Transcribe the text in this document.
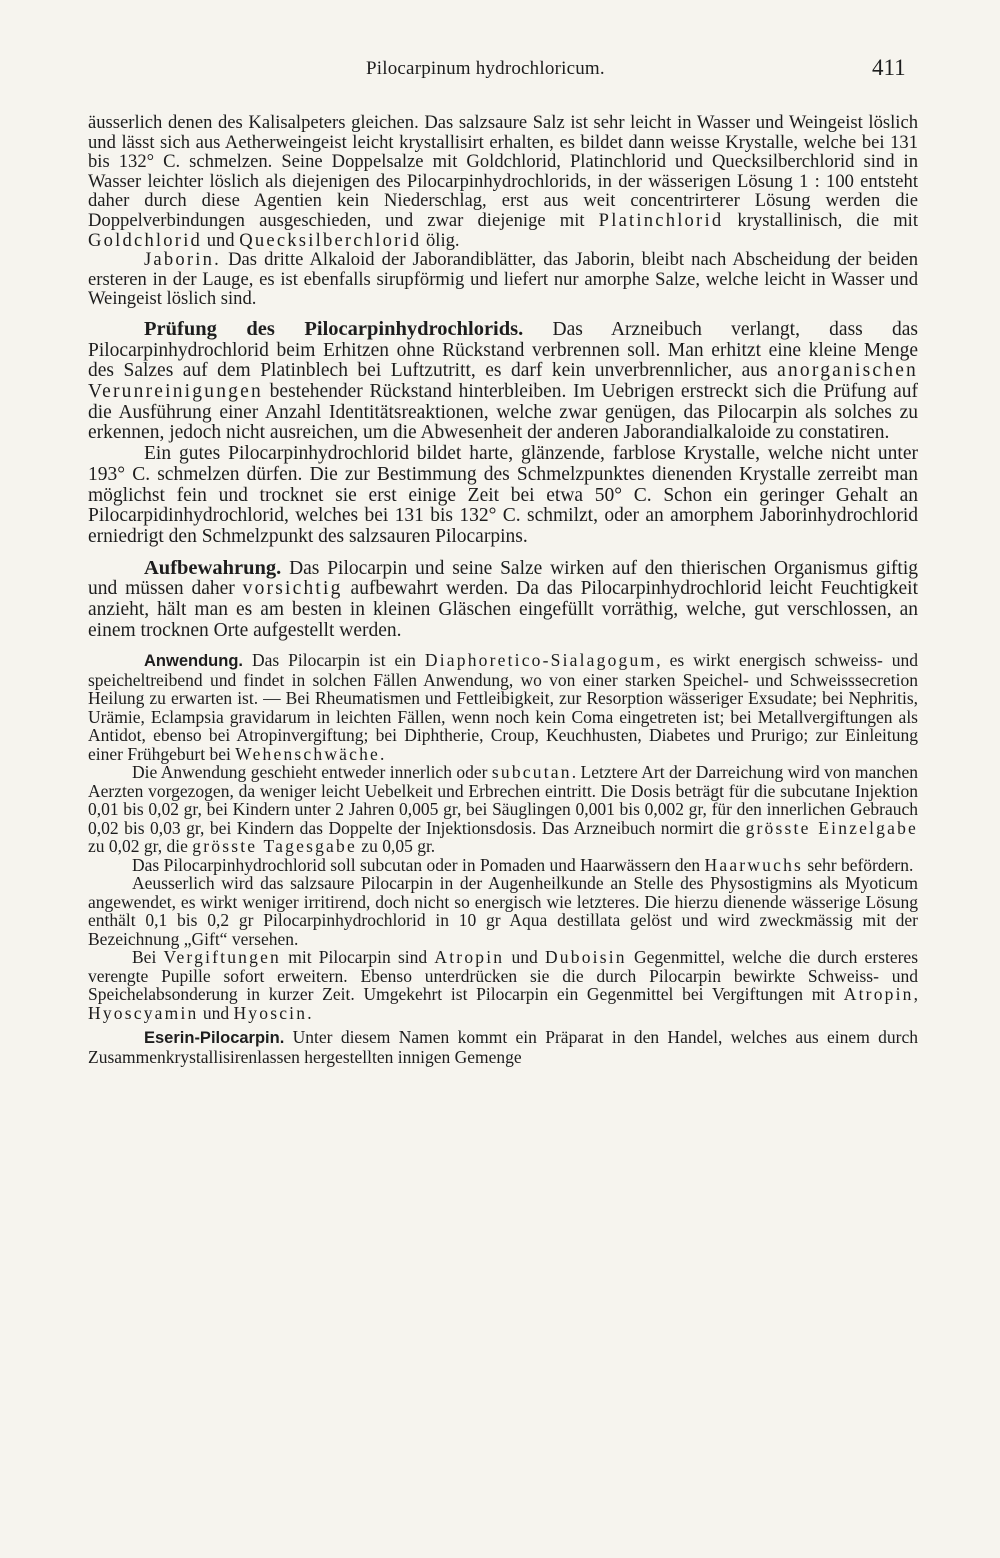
Pilocarpinum hydrochloricum.	411

äusserlich denen des Kalisalpeters gleichen. Das salzsaure Salz ist sehr leicht in Wasser und Weingeist löslich und lässt sich aus Aetherweingeist leicht krystallisirt erhalten, es bildet dann weisse Krystalle, welche bei 131 bis 132° C. schmelzen. Seine Doppelsalze mit Goldchlorid, Platinchlorid und Quecksilberchlorid sind in Wasser leichter löslich als diejenigen des Pilocarpinhydrochlorids, in der wässerigen Lösung 1 : 100 entsteht daher durch diese Agentien kein Niederschlag, erst aus weit concentrirterer Lösung werden die Doppelverbindungen ausgeschieden, und zwar diejenige mit Platinchlorid krystallinisch, die mit Goldchlorid und Quecksilberchlorid ölig.

Jaborin. Das dritte Alkaloid der Jaborandiblätter, das Jaborin, bleibt nach Abscheidung der beiden ersteren in der Lauge, es ist ebenfalls sirupförmig und liefert nur amorphe Salze, welche leicht in Wasser und Weingeist löslich sind.

Prüfung des Pilocarpinhydrochlorids. Das Arzneibuch verlangt, dass das Pilocarpinhydrochlorid beim Erhitzen ohne Rückstand verbrennen soll. Man erhitzt eine kleine Menge des Salzes auf dem Platinblech bei Luftzutritt, es darf kein unverbrennlicher, aus anorganischen Verunreinigungen bestehender Rückstand hinterbleiben. Im Uebrigen erstreckt sich die Prüfung auf die Ausführung einer Anzahl Identitätsreaktionen, welche zwar genügen, das Pilocarpin als solches zu erkennen, jedoch nicht ausreichen, um die Abwesenheit der anderen Jaborandialkaloide zu constatiren.

Ein gutes Pilocarpinhydrochlorid bildet harte, glänzende, farblose Krystalle, welche nicht unter 193° C. schmelzen dürfen. Die zur Bestimmung des Schmelzpunktes dienenden Krystalle zerreibt man möglichst fein und trocknet sie erst einige Zeit bei etwa 50° C. Schon ein geringer Gehalt an Pilocarpidinhydrochlorid, welches bei 131 bis 132° C. schmilzt, oder an amorphem Jaborinhydrochlorid erniedrigt den Schmelzpunkt des salzsauren Pilocarpins.

Aufbewahrung. Das Pilocarpin und seine Salze wirken auf den thierischen Organismus giftig und müssen daher vorsichtig aufbewahrt werden. Da das Pilocarpinhydrochlorid leicht Feuchtigkeit anzieht, hält man es am besten in kleinen Gläschen eingefüllt vorräthig, welche, gut verschlossen, an einem trocknen Orte aufgestellt werden.

Anwendung. Das Pilocarpin ist ein Diaphoretico-Sialagogum, es wirkt energisch schweiss- und speicheltreibend und findet in solchen Fällen Anwendung, wo von einer starken Speichel- und Schweisssecretion Heilung zu erwarten ist. — Bei Rheumatismen und Fettleibigkeit, zur Resorption wässeriger Exsudate; bei Nephritis, Urämie, Eclampsia gravidarum in leichten Fällen, wenn noch kein Coma eingetreten ist; bei Metallvergiftungen als Antidot, ebenso bei Atropinvergiftung; bei Diphtherie, Croup, Keuchhusten, Diabetes und Prurigo; zur Einleitung einer Frühgeburt bei Wehenschwäche.

Die Anwendung geschieht entweder innerlich oder subcutan. Letztere Art der Darreichung wird von manchen Aerzten vorgezogen, da weniger leicht Uebelkeit und Erbrechen eintritt. Die Dosis beträgt für die subcutane Injektion 0,01 bis 0,02 gr, bei Kindern unter 2 Jahren 0,005 gr, bei Säuglingen 0,001 bis 0,002 gr, für den innerlichen Gebrauch 0,02 bis 0,03 gr, bei Kindern das Doppelte der Injektionsdosis. Das Arzneibuch normirt die grösste Einzelgabe zu 0,02 gr, die grösste Tagesgabe zu 0,05 gr.

Das Pilocarpinhydrochlorid soll subcutan oder in Pomaden und Haarwässern den Haarwuchs sehr befördern.

Aeusserlich wird das salzsaure Pilocarpin in der Augenheilkunde an Stelle des Physostigmins als Myoticum angewendet, es wirkt weniger irritirend, doch nicht so energisch wie letzteres. Die hierzu dienende wässerige Lösung enthält 0,1 bis 0,2 gr Pilocarpinhydrochlorid in 10 gr Aqua destillata gelöst und wird zweckmässig mit der Bezeichnung „Gift“ versehen.

Bei Vergiftungen mit Pilocarpin sind Atropin und Duboisin Gegenmittel, welche die durch ersteres verengte Pupille sofort erweitern. Ebenso unterdrücken sie die durch Pilocarpin bewirkte Schweiss- und Speichelabsonderung in kurzer Zeit. Umgekehrt ist Pilocarpin ein Gegenmittel bei Vergiftungen mit Atropin, Hyoscyamin und Hyoscin.

Eserin-Pilocarpin. Unter diesem Namen kommt ein Präparat in den Handel, welches aus einem durch Zusammenkrystallisirenlassen hergestellten innigen Gemenge
